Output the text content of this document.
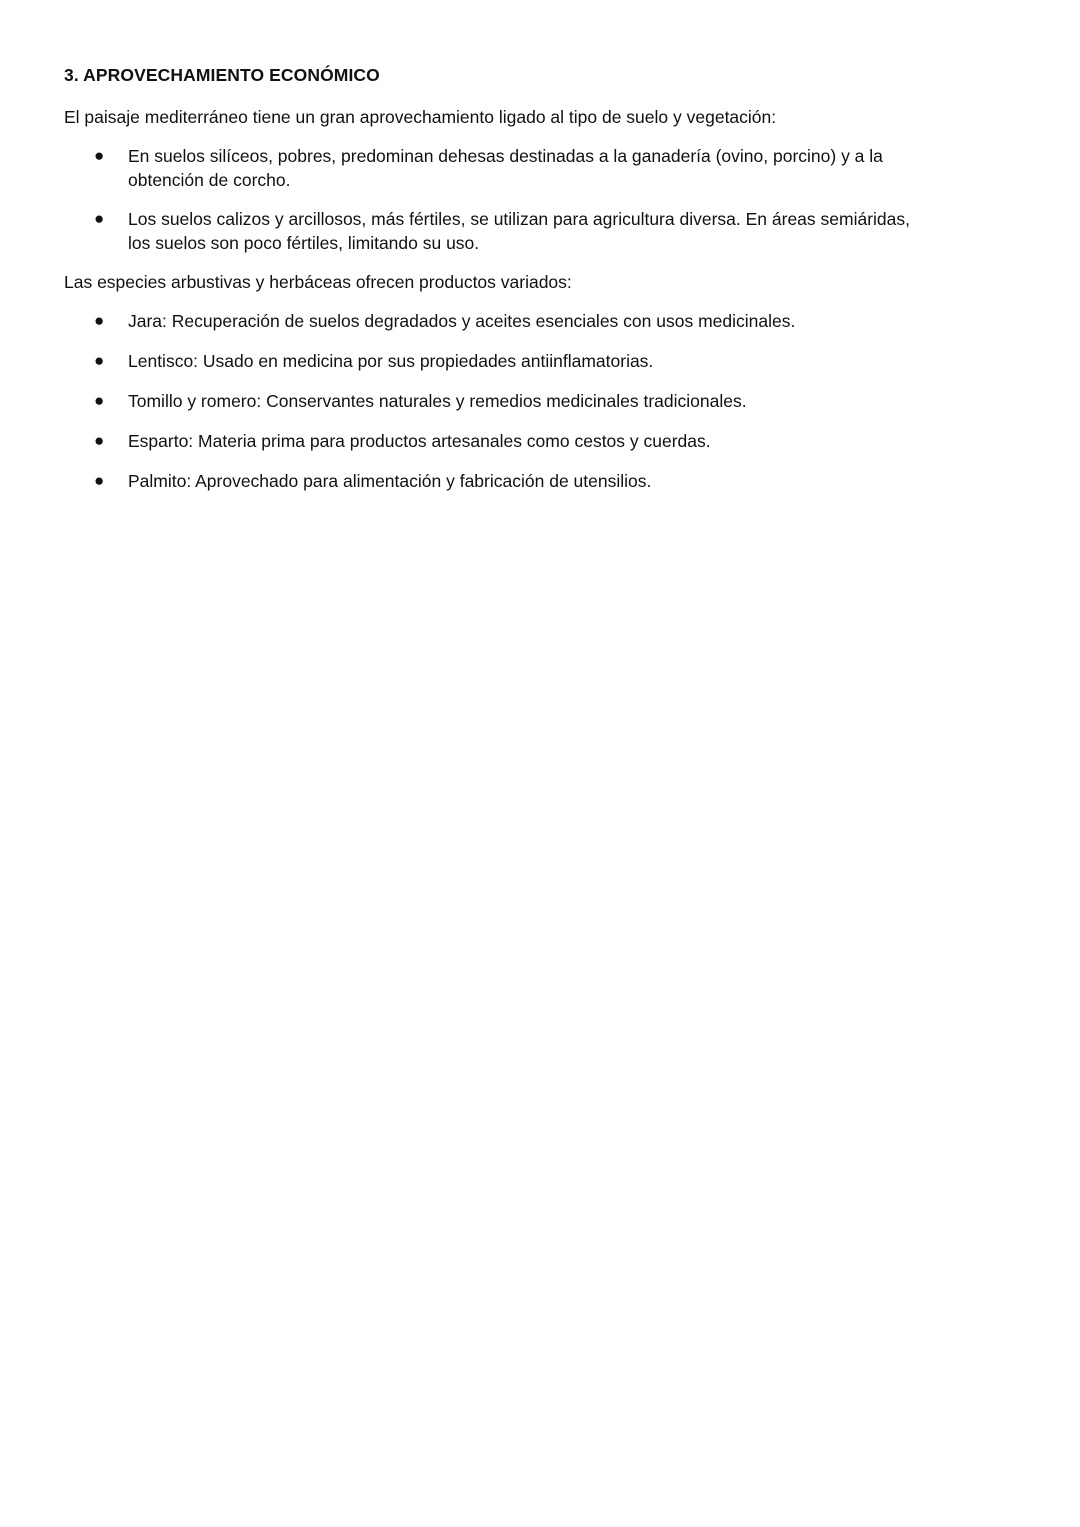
3. APROVECHAMIENTO ECONÓMICO

El paisaje mediterráneo tiene un gran aprovechamiento ligado al tipo de suelo y vegetación:

● En suelos silíceos, pobres, predominan dehesas destinadas a la ganadería (ovino, porcino) y a la obtención de corcho.
● Los suelos calizos y arcillosos, más fértiles, se utilizan para agricultura diversa. En áreas semiáridas, los suelos son poco fértiles, limitando su uso.

Las especies arbustivas y herbáceas ofrecen productos variados:

● Jara: Recuperación de suelos degradados y aceites esenciales con usos medicinales.
● Lentisco: Usado en medicina por sus propiedades antiinflamatorias.
● Tomillo y romero: Conservantes naturales y remedios medicinales tradicionales.
● Esparto: Materia prima para productos artesanales como cestos y cuerdas.
● Palmito: Aprovechado para alimentación y fabricación de utensilios.
